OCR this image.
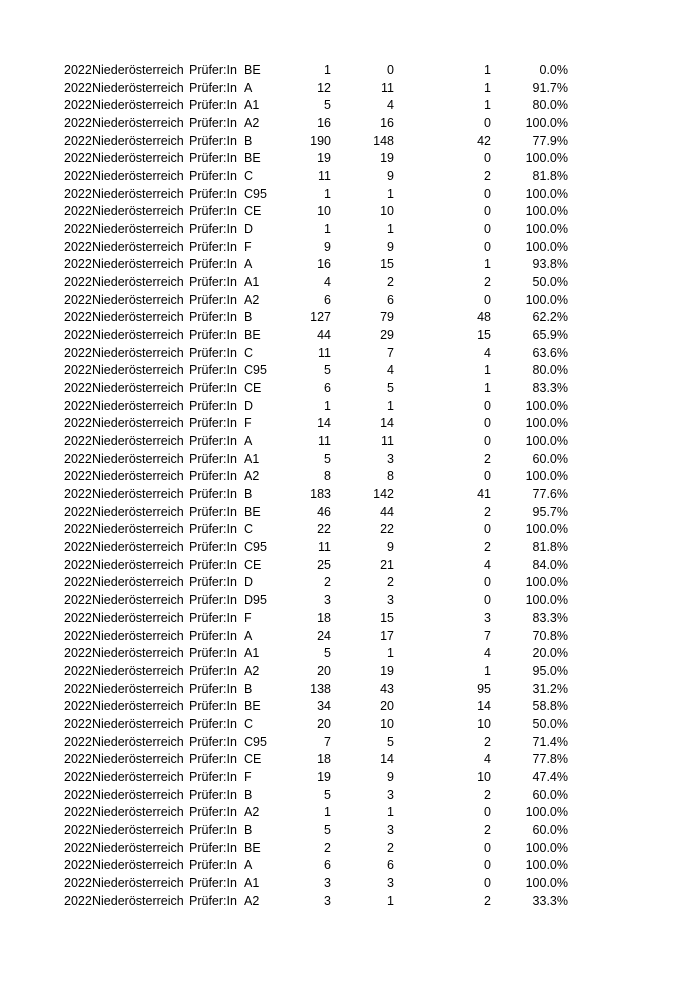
2022 Niederösterreich Prüfer:In BE	1	0	1	0.0%
2022 Niederösterreich Prüfer:In A	12	11	1	91.7%
2022 Niederösterreich Prüfer:In A1	5	4	1	80.0%
2022 Niederösterreich Prüfer:In A2	16	16	0	100.0%
2022 Niederösterreich Prüfer:In B	190	148	42	77.9%
2022 Niederösterreich Prüfer:In BE	19	19	0	100.0%
2022 Niederösterreich Prüfer:In C	11	9	2	81.8%
2022 Niederösterreich Prüfer:In C95	1	1	0	100.0%
2022 Niederösterreich Prüfer:In CE	10	10	0	100.0%
2022 Niederösterreich Prüfer:In D	1	1	0	100.0%
2022 Niederösterreich Prüfer:In F	9	9	0	100.0%
2022 Niederösterreich Prüfer:In A	16	15	1	93.8%
2022 Niederösterreich Prüfer:In A1	4	2	2	50.0%
2022 Niederösterreich Prüfer:In A2	6	6	0	100.0%
2022 Niederösterreich Prüfer:In B	127	79	48	62.2%
2022 Niederösterreich Prüfer:In BE	44	29	15	65.9%
2022 Niederösterreich Prüfer:In C	11	7	4	63.6%
2022 Niederösterreich Prüfer:In C95	5	4	1	80.0%
2022 Niederösterreich Prüfer:In CE	6	5	1	83.3%
2022 Niederösterreich Prüfer:In D	1	1	0	100.0%
2022 Niederösterreich Prüfer:In F	14	14	0	100.0%
2022 Niederösterreich Prüfer:In A	11	11	0	100.0%
2022 Niederösterreich Prüfer:In A1	5	3	2	60.0%
2022 Niederösterreich Prüfer:In A2	8	8	0	100.0%
2022 Niederösterreich Prüfer:In B	183	142	41	77.6%
2022 Niederösterreich Prüfer:In BE	46	44	2	95.7%
2022 Niederösterreich Prüfer:In C	22	22	0	100.0%
2022 Niederösterreich Prüfer:In C95	11	9	2	81.8%
2022 Niederösterreich Prüfer:In CE	25	21	4	84.0%
2022 Niederösterreich Prüfer:In D	2	2	0	100.0%
2022 Niederösterreich Prüfer:In D95	3	3	0	100.0%
2022 Niederösterreich Prüfer:In F	18	15	3	83.3%
2022 Niederösterreich Prüfer:In A	24	17	7	70.8%
2022 Niederösterreich Prüfer:In A1	5	1	4	20.0%
2022 Niederösterreich Prüfer:In A2	20	19	1	95.0%
2022 Niederösterreich Prüfer:In B	138	43	95	31.2%
2022 Niederösterreich Prüfer:In BE	34	20	14	58.8%
2022 Niederösterreich Prüfer:In C	20	10	10	50.0%
2022 Niederösterreich Prüfer:In C95	7	5	2	71.4%
2022 Niederösterreich Prüfer:In CE	18	14	4	77.8%
2022 Niederösterreich Prüfer:In F	19	9	10	47.4%
2022 Niederösterreich Prüfer:In B	5	3	2	60.0%
2022 Niederösterreich Prüfer:In A2	1	1	0	100.0%
2022 Niederösterreich Prüfer:In B	5	3	2	60.0%
2022 Niederösterreich Prüfer:In BE	2	2	0	100.0%
2022 Niederösterreich Prüfer:In A	6	6	0	100.0%
2022 Niederösterreich Prüfer:In A1	3	3	0	100.0%
2022 Niederösterreich Prüfer:In A2	3	1	2	33.3%
